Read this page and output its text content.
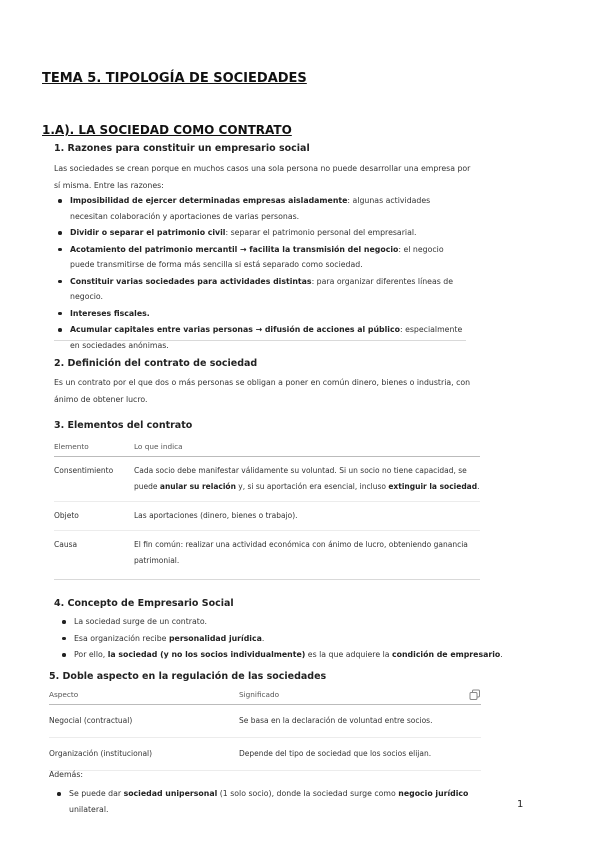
TEMA 5. TIPOLOGÍA DE SOCIEDADES
1.A). LA SOCIEDAD COMO CONTRATO
1. Razones para constituir un empresario social
Las sociedades se crean porque en muchos casos una sola persona no puede desarrollar una empresa por sí misma. Entre las razones:
Imposibilidad de ejercer determinadas empresas aisladamente: algunas actividades necesitan colaboración y aportaciones de varias personas.
Dividir o separar el patrimonio civil: separar el patrimonio personal del empresarial.
Acotamiento del patrimonio mercantil → facilita la transmisión del negocio: el negocio puede transmitirse de forma más sencilla si está separado como sociedad.
Constituir varias sociedades para actividades distintas: para organizar diferentes líneas de negocio.
Intereses fiscales.
Acumular capitales entre varias personas → difusión de acciones al público: especialmente en sociedades anónimas.
2. Definición del contrato de sociedad
Es un contrato por el que dos o más personas se obligan a poner en común dinero, bienes o industria, con ánimo de obtener lucro.
3. Elementos del contrato
Elemento	Lo que indica
Consentimiento	Cada socio debe manifestar válidamente su voluntad. Si un socio no tiene capacidad, se puede anular su relación y, si su aportación era esencial, incluso extinguir la sociedad.
Objeto	Las aportaciones (dinero, bienes o trabajo).
Causa	El fin común: realizar una actividad económica con ánimo de lucro, obteniendo ganancia patrimonial.
4. Concepto de Empresario Social
La sociedad surge de un contrato.
Esa organización recibe personalidad jurídica.
Por ello, la sociedad (y no los socios individualmente) es la que adquiere la condición de empresario.
5. Doble aspecto en la regulación de las sociedades
Aspecto	Significado
Negocial (contractual)	Se basa en la declaración de voluntad entre socios.
Organización (institucional)	Depende del tipo de sociedad que los socios elijan.
Además:
Se puede dar sociedad unipersonal (1 solo socio), donde la sociedad surge como negocio jurídico unilateral.	1
